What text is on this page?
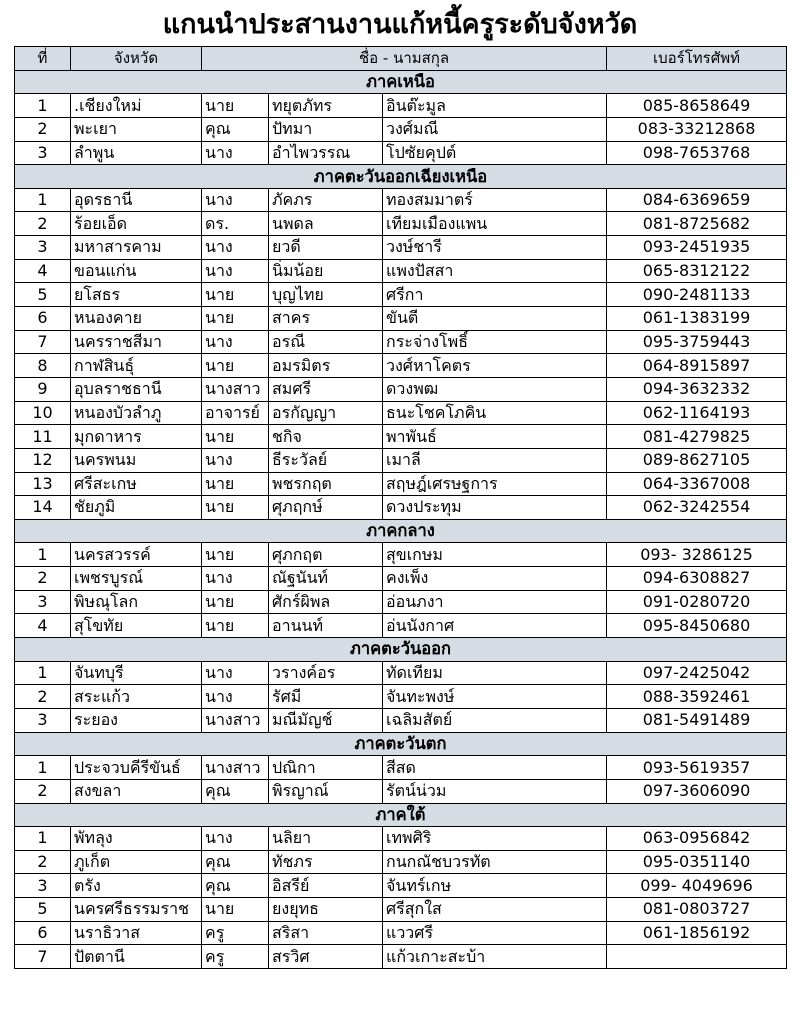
แกนนำประสานงานแก้หนี้ครูระดับจังหวัด
ที่	จังหวัด	ชื่อ - นามสกุล			เบอร์โทรศัพท์
ภาคเหนือ					
1	.เชียงใหม่	นาย	ทยุตภัทร	อินต๊ะมูล	085-8658649
2	พะเยา	คุณ	ปัทมา	วงศ์มณี	083-33212868
3	ลำพูน	นาง	อำไพวรรณ	โปซัยคุปต์	098-7653768
ภาคตะวันออกเฉียงเหนือ					
1	อุดรธานี	นาง	ภัคภร	ทองสมมาตร์	084-6369659
2	ร้อยเอ็ด	ดร.	นพดล	เทียมเมืองแพน	081-8725682
3	มหาสารคาม	นาง	ยวดี	วงษ์ชารี	093-2451935
4	ขอนแก่น	นาง	นิ่มน้อย	แพงปัสสา	065-8312122
5	ยโสธร	นาย	บุญไทย	ศรีกา	090-2481133
6	หนองคาย	นาย	สาคร	ขันตี	061-1383199
7	นครราชสีมา	นาง	อรณี	กระจ่างโพธิ์	095-3759443
8	กาฬสินธุ์	นาย	อมรมิตร	วงศ์หาโคตร	064-8915897
9	อุบลราชธานี	นางสาว	สมศรี	ดวงพฒ	094-3632332
10	หนองบัวลำภู	อาจารย์	อรกัญญา	ธนะโชคโภคิน	062-1164193
11	มุกดาหาร	นาย	ชกิจ	พาพันธ์	081-4279825
12	นครพนม	นาง	ธีระวัลย์	เมาลี	089-8627105
13	ศรีสะเกษ	นาย	พชรกฤต	สฤษฎ์เศรษฐการ	064-3367008
14	ชัยภูมิ	นาย	ศุภฤกษ์	ดวงประทุม	062-3242554
ภาคกลาง					
1	นครสวรรค์	นาย	ศุภกฤต	สุขเกษม	093- 3286125
2	เพชรบูรณ์	นาง	ณัฐนันท์	คงเพ็ง	094-6308827
3	พิษณุโลก	นาย	ศักร์ผิพล	อ่อนภงา	091-0280720
4	สุโขทัย	นาย	อานนท์	อ่นนังกาศ	095-8450680
ภาคตะวันออก					
1	จันทบุรี	นาง	วรางค์อร	ทัดเทียม	097-2425042
2	สระแก้ว	นาง	รัศมี	จันทะพงษ์	088-3592461
3	ระยอง	นางสาว	มณีมัญช์	เฉลิมสัตย์	081-5491489
ภาคตะวันตก					
1	ประจวบคีรีขันธ์	นางสาว	ปณิกา	สีสด	093-5619357
2	สงขลา	คุณ	พิรญาณ์	รัตน์น่วม	097-3606090
ภาคใต้					
1	พัทลุง	นาง	นลิยา	เทพศิริ	063-0956842
2	ภูเก็ต	คุณ	ทัชภร	กนกณัชบวรทัต	095-0351140
3	ตรัง	คุณ	อิสรีย์	จันทร์เกษ	099- 4049696
5	นครศรีธรรมราช	นาย	ยงยุทธ	ศรีสุกใส	081-0803727
6	นราธิวาส	ครู	สริสา	แววศรี	061-1856192
7	ปัตตานี	ครู	สรวิศ	แก้วเกาะสะบ้า	
